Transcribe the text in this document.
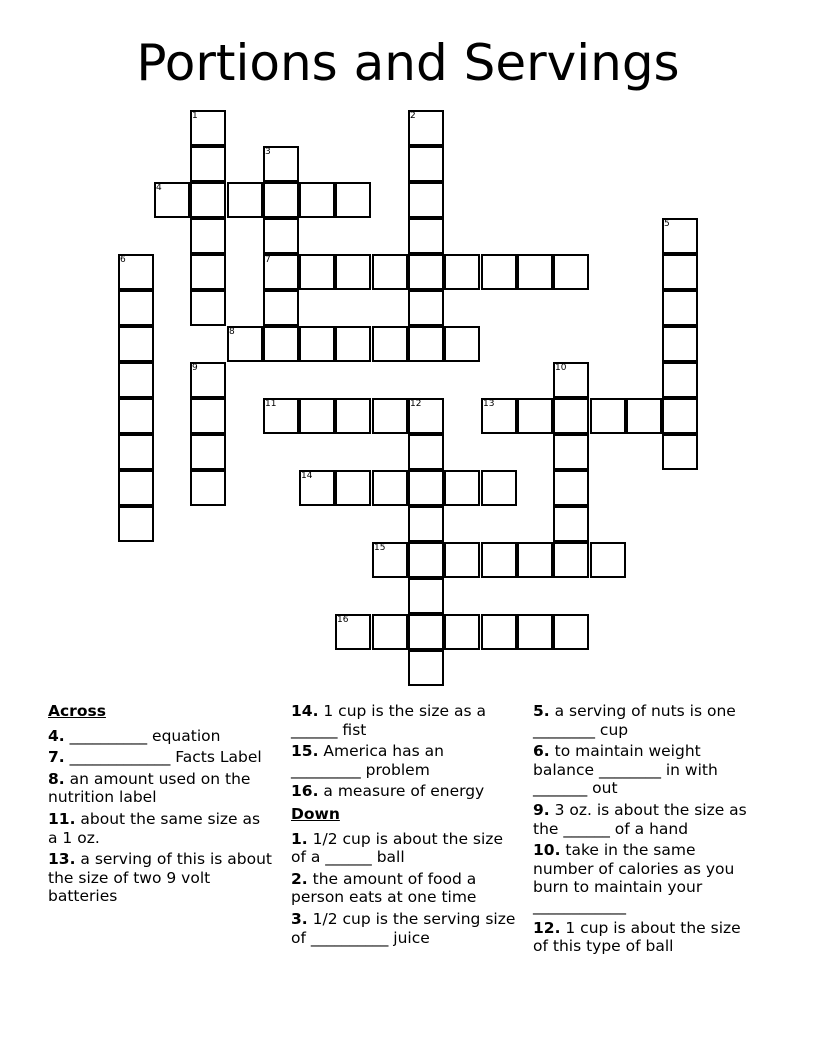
Portions and Servings
1	2
3
4
5
6	7
8
9	10
11	12	13
14
15
16
Across
4. __________ equation
7. _____________ Facts Label
8. an amount used on the nutrition label
11. about the same size as a 1 oz.
13. a serving of this is about the size of two 9 volt batteries
14. 1 cup is the size as a ______ fist
15. America has an _________ problem
16. a measure of energy
Down
1. 1/2 cup is about the size of a ______ ball
2. the amount of food a person eats at one time
3. 1/2 cup is the serving size of __________ juice
5. a serving of nuts is one ________ cup
6. to maintain weight balance ________ in with _______ out
9. 3 oz. is about the size as the ______ of a hand
10. take in the same number of calories as you burn to maintain your ____________
12. 1 cup is about the size of this type of ball
